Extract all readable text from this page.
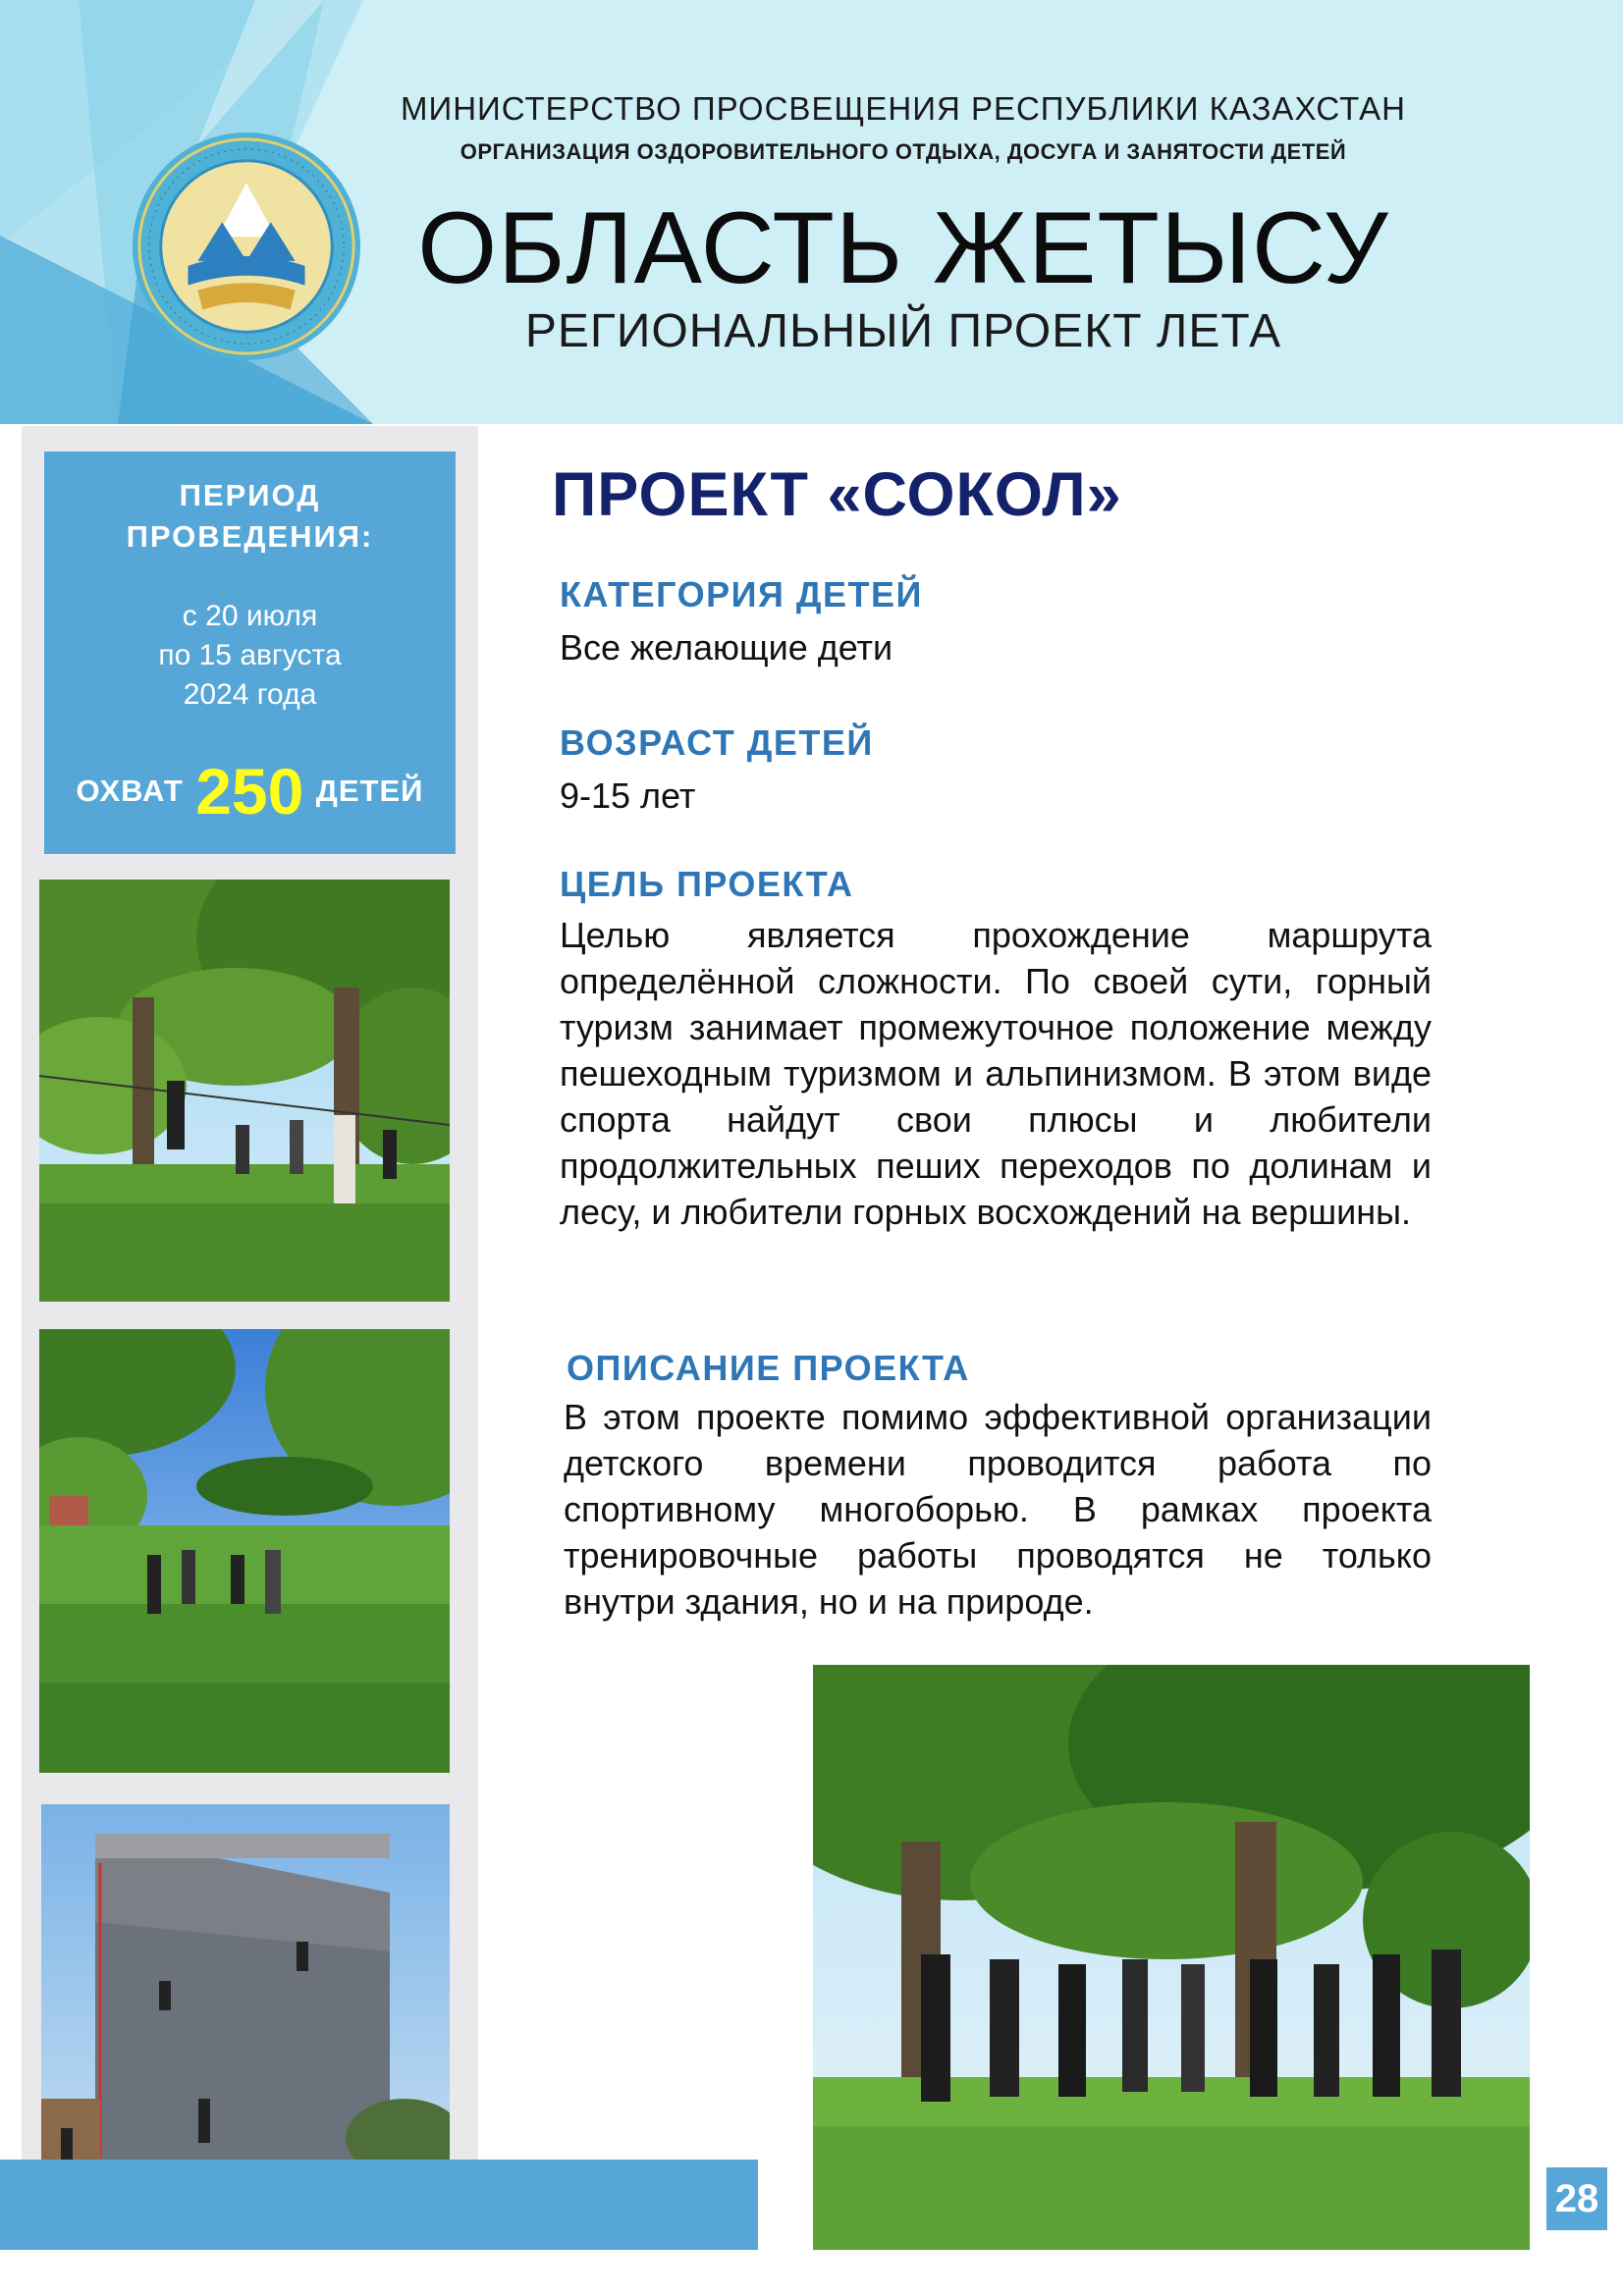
МИНИСТЕРСТВО ПРОСВЕЩЕНИЯ РЕСПУБЛИКИ КАЗАХСТАН
ОРГАНИЗАЦИЯ ОЗДОРОВИТЕЛЬНОГО ОТДЫХА, ДОСУГА И ЗАНЯТОСТИ ДЕТЕЙ
ОБЛАСТЬ ЖЕТЫСУ
РЕГИОНАЛЬНЫЙ ПРОЕКТ ЛЕТА
ПЕРИОД
ПРОВЕДЕНИЯ:
с 20 июля
по 15 августа
2024 года
ОХВАТ 250 ДЕТЕЙ
ПРОЕКТ «СОКОЛ»
КАТЕГОРИЯ ДЕТЕЙ
Все желающие дети
ВОЗРАСТ ДЕТЕЙ
9-15 лет
ЦЕЛЬ ПРОЕКТА
Целью является прохождение маршрута определённой сложности. По своей сути, горный туризм занимает промежуточное положение между пешеходным туризмом и альпинизмом. В этом виде спорта найдут свои плюсы и любители продолжительных пеших переходов по долинам и лесу, и любители горных восхождений на вершины.
ОПИСАНИЕ ПРОЕКТА
В этом проекте помимо эффективной организации детского времени проводится работа по спортивному многоборью. В рамках проекта тренировочные работы проводятся не только внутри здания, но и на природе.
28
